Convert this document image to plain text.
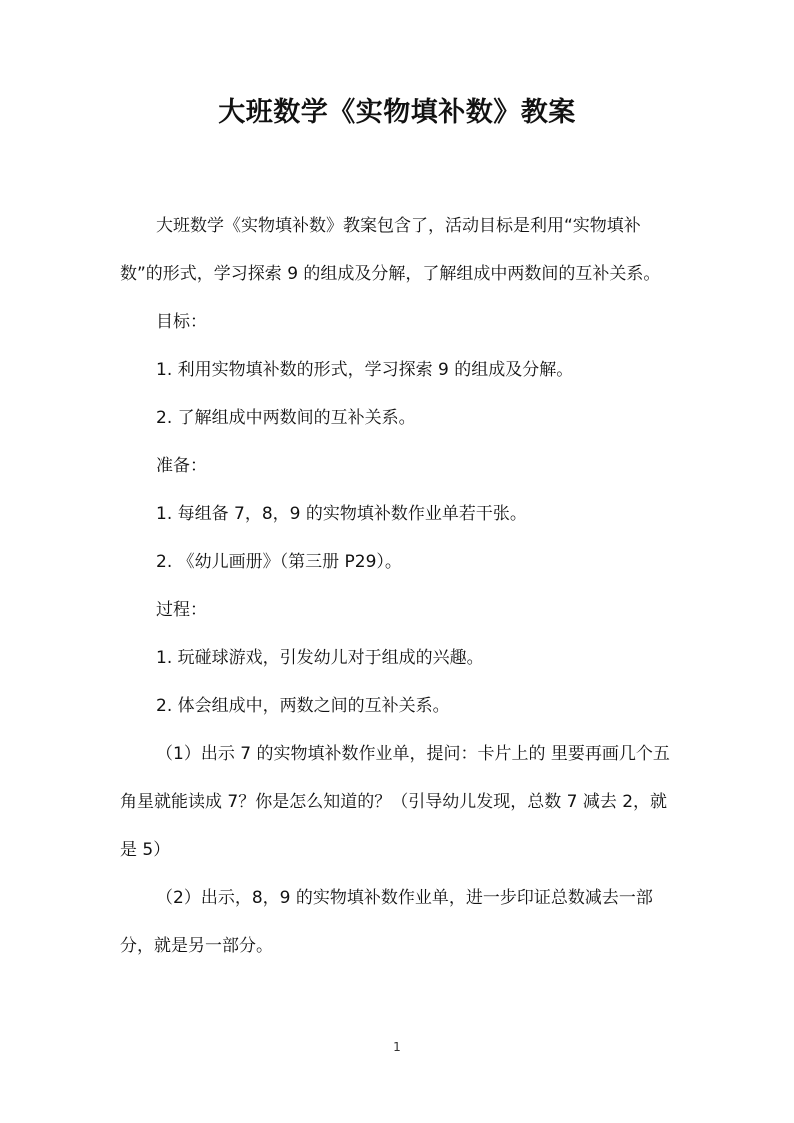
大班数学《实物填补数》教案

大班数学《实物填补数》教案包含了，活动目标是利用“实物填补数”的形式，学习探索 9 的组成及分解，了解组成中两数间的互补关系。

目标：

1. 利用实物填补数的形式，学习探索 9 的组成及分解。

2. 了解组成中两数间的互补关系。

准备：

1. 每组备 7，8，9 的实物填补数作业单若干张。

2. 《幼儿画册》（第三册 P29）。

过程：

1. 玩碰球游戏，引发幼儿对于组成的兴趣。

2. 体会组成中，两数之间的互补关系。

（1）出示 7 的实物填补数作业单，提问：卡片上的 里要再画几个五角星就能读成 7？你是怎么知道的？（引导幼儿发现，总数 7 减去 2，就是 5）

（2）出示，8，9 的实物填补数作业单，进一步印证总数减去一部分，就是另一部分。

1
